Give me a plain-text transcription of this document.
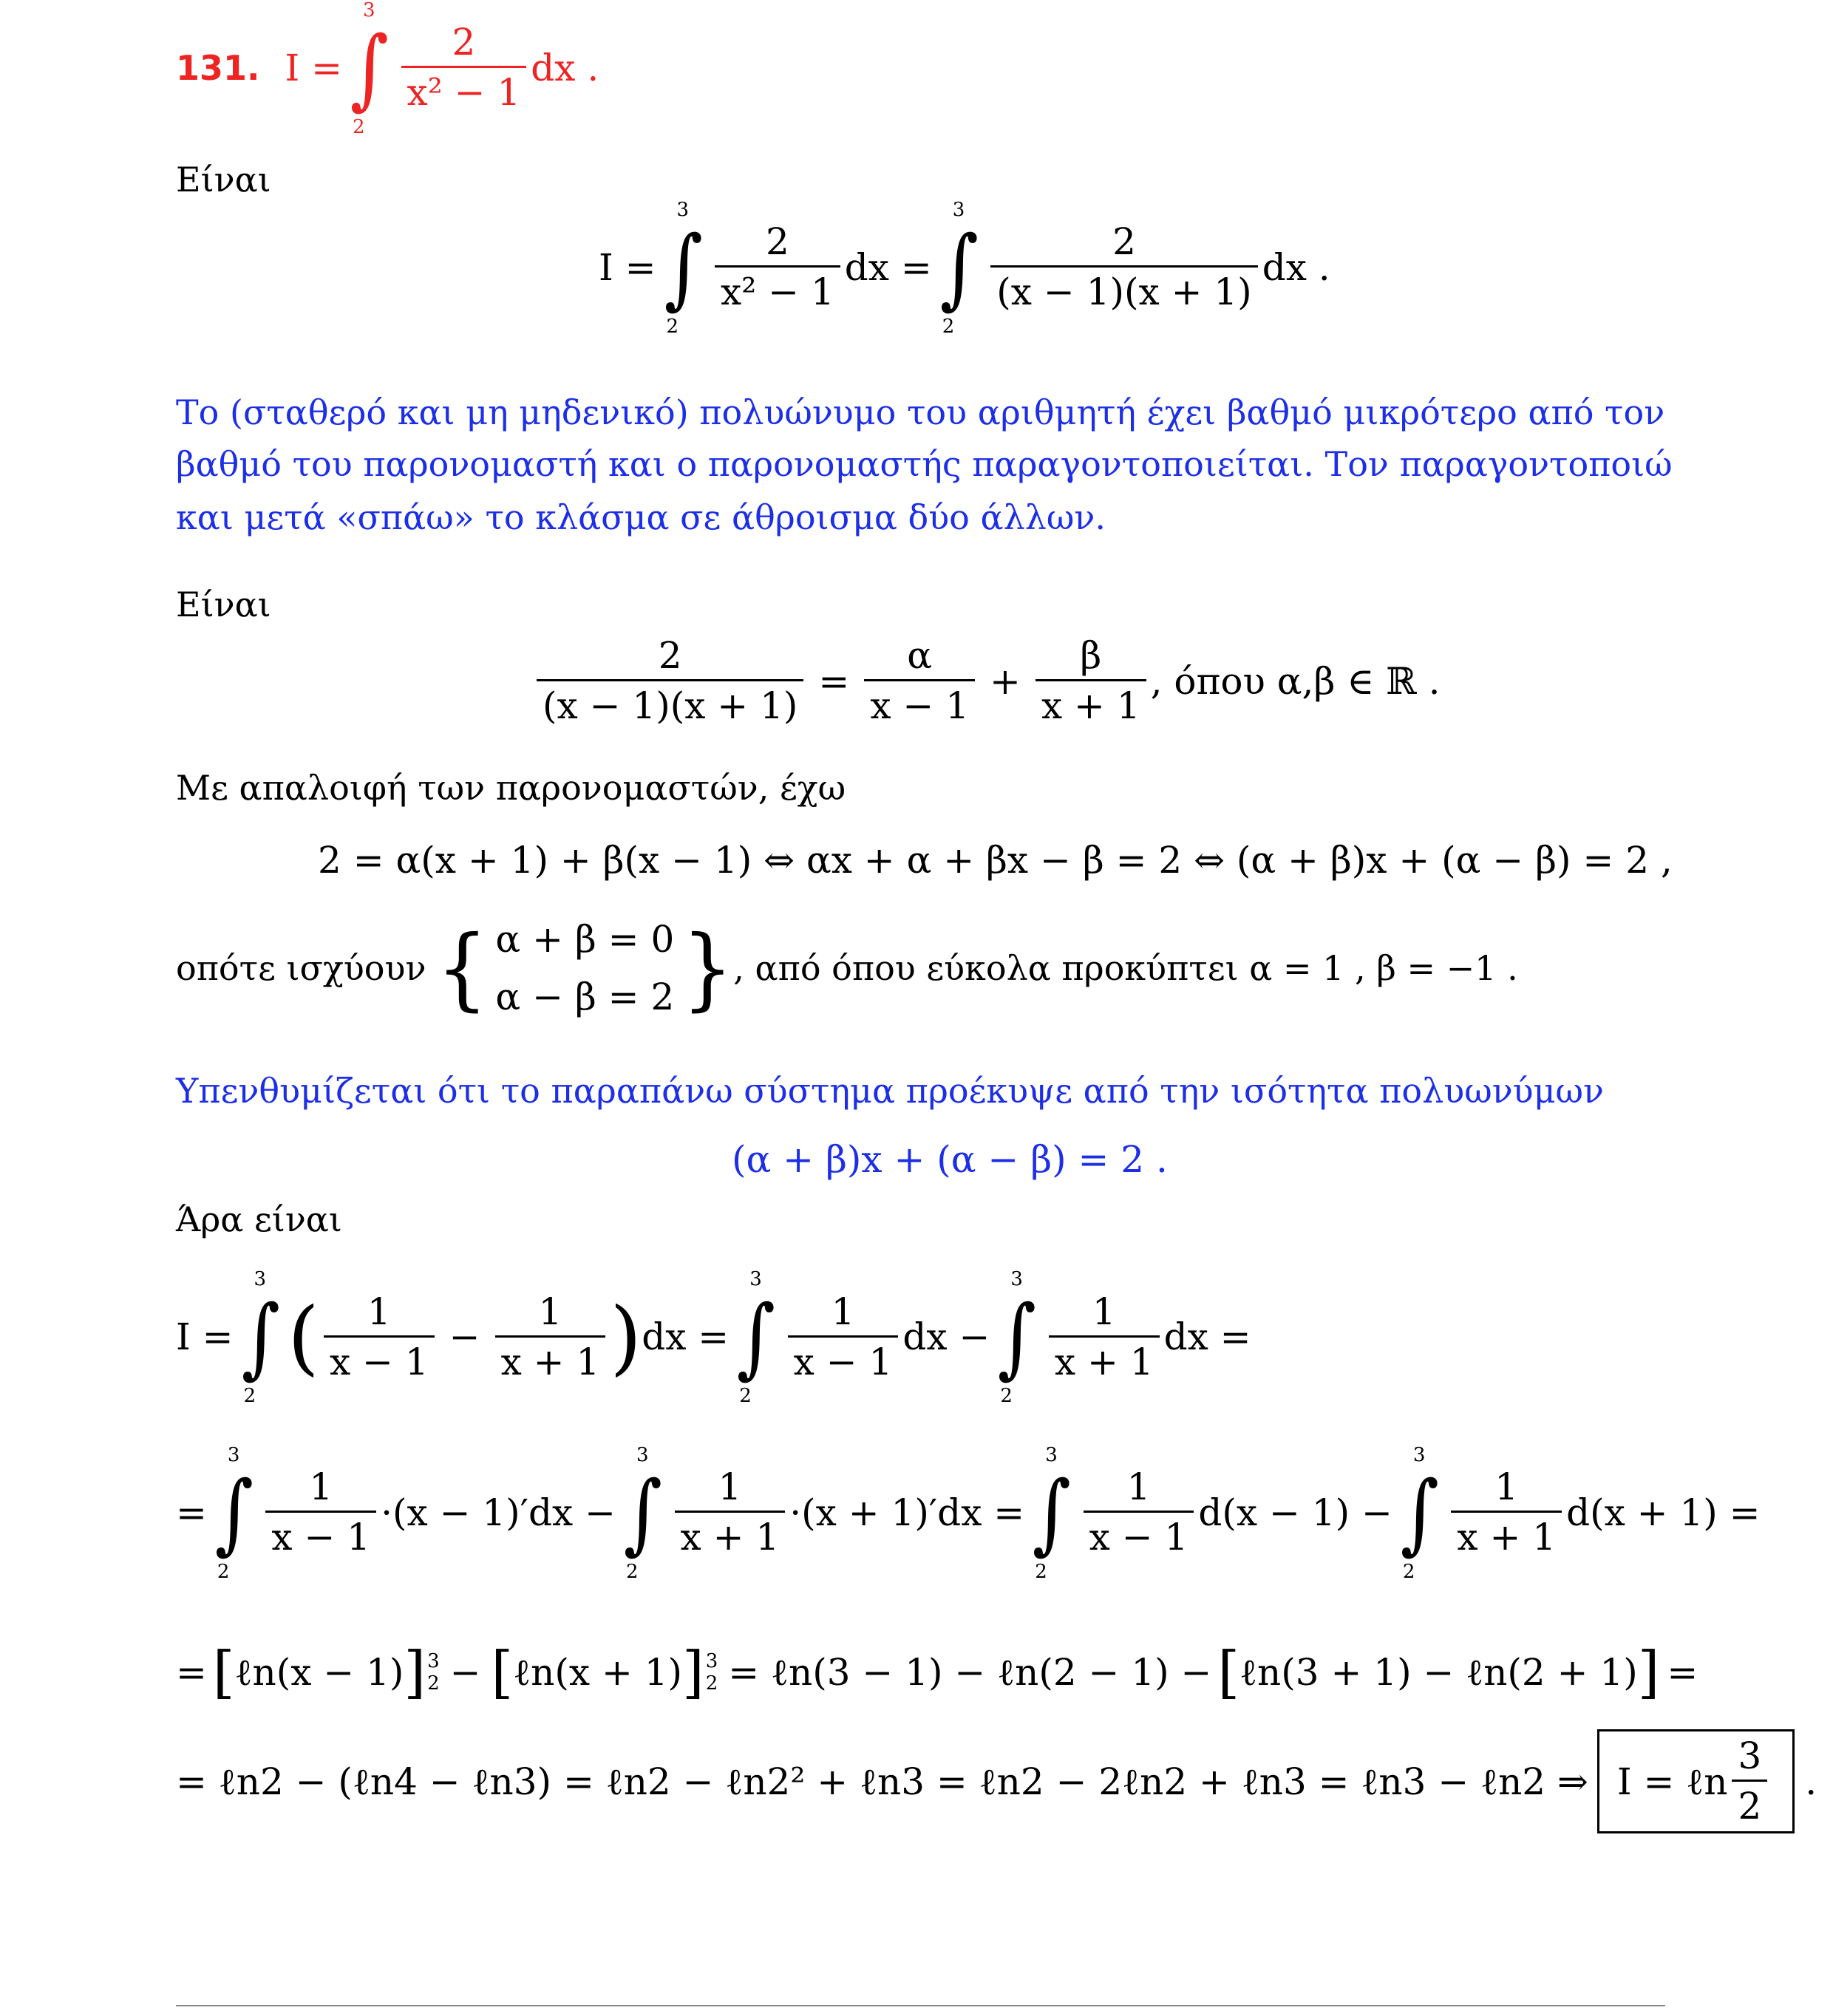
131. I = ∫
3
2
$\frac{2}{\text{x² − 1}}$ dx .
Είναι
I = ∫
3
2
$\frac{2}{\text{x² − 1}}$ dx = ∫
3
2
$\frac{2}{(x - 1)(x + 1)}$ dx .
Το (σταθερό και μη μηδενικό) πολυώνυμο του αριθμητή έχει βαθμό μικρότερο από τον
βαθμό του παρονομαστή και ο παρονομαστής παραγοντοποιείται. Τον παραγοντοποιώ
και μετά «σπάω» το κλάσμα σε άθροισμα δύο άλλων.
Είναι
$\frac{2}{(x - 1)(x + 1)} = \frac{\alpha}{x - 1} + \frac{\beta}{x + 1}$ , όπου α,β ∈ ℝ .
Με απαλοιφή των παρονομαστών, έχω
2 = α(x + 1) + β(x − 1) ⇔ αx + α + βx − β = 2 ⇔ (α + β)x + (α − β) = 2 ,
οπότε ισχύουν { α + β = 0
α − β = 2 } , από όπου εύκολα προκύπτει α = 1 , β = −1 .
Υπενθυμίζεται ότι το παραπάνω σύστημα προέκυψε από την ισότητα πολυωνύμων
(α + β)x + (α − β) = 2 .
Άρα είναι
I = ∫
3
2
( $\frac{1}{x - 1} - \frac{1}{x + 1}$ ) dx = ∫
3
2
$\frac{1}{x - 1}$ dx − ∫
3
2
$\frac{1}{x + 1}$ dx =
= ∫
3
2
$\frac{1}{x - 1} \cdot(x - 1)'dx$ − ∫
3
2
$\frac{1}{x + 1} \cdot(x + 1)'dx$ = ∫
3
2
$\frac{1}{x - 1} d(x - 1)$ − ∫
3
2
$\frac{1}{x + 1} d(x + 1)$ =
= [ ℓn(x − 1) ] 3
2 − [ ℓn(x + 1) ] 3
2 = ℓn(3 − 1) − ℓn(2 − 1) − [ ℓn(3 + 1) − ℓn(2 + 1) ] =
= ℓn2 − (ℓn4 − ℓn3) = ℓn2 − ℓn2² + ℓn3 = ℓn2 − 2ℓn2 + ℓn3 = ℓn3 − ℓn2 ⇒ I = ℓn $\frac{3}{2}$ .
